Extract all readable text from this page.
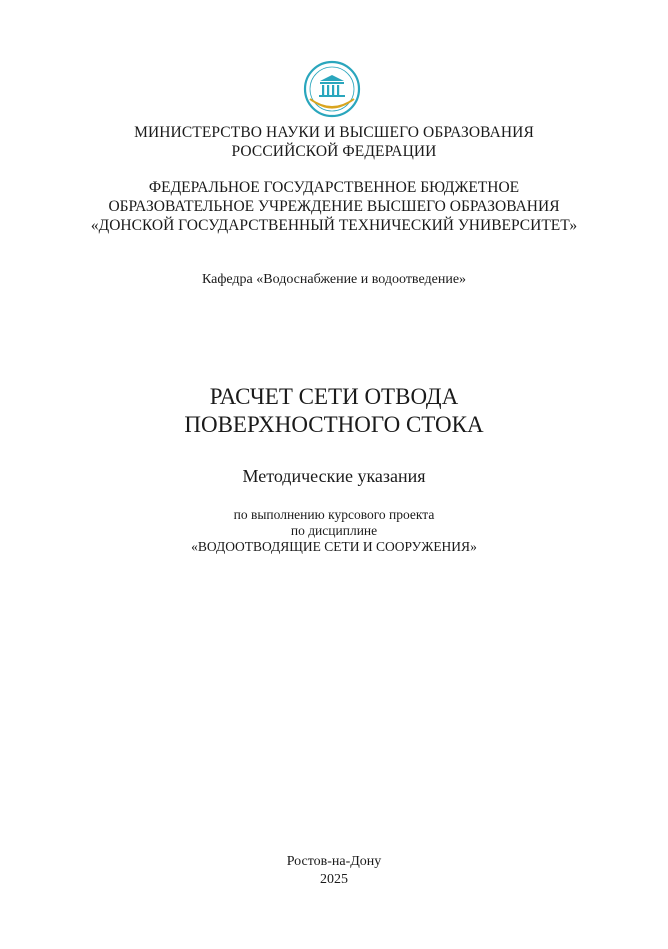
МИНИСТЕРСТВО НАУКИ И ВЫСШЕГО ОБРАЗОВАНИЯ
РОССИЙСКОЙ ФЕДЕРАЦИИ
ФЕДЕРАЛЬНОЕ ГОСУДАРСТВЕННОЕ БЮДЖЕТНОЕ
ОБРАЗОВАТЕЛЬНОЕ УЧРЕЖДЕНИЕ ВЫСШЕГО ОБРАЗОВАНИЯ
«ДОНСКОЙ ГОСУДАРСТВЕННЫЙ ТЕХНИЧЕСКИЙ УНИВЕРСИТЕТ»
Кафедра «Водоснабжение и водоотведение»
РАСЧЕТ СЕТИ ОТВОДА
ПОВЕРХНОСТНОГО СТОКА
Методические указания
по выполнению курсового проекта
по дисциплине
«ВОДООТВОДЯЩИЕ СЕТИ И СООРУЖЕНИЯ»
Ростов-на-Дону
2025
